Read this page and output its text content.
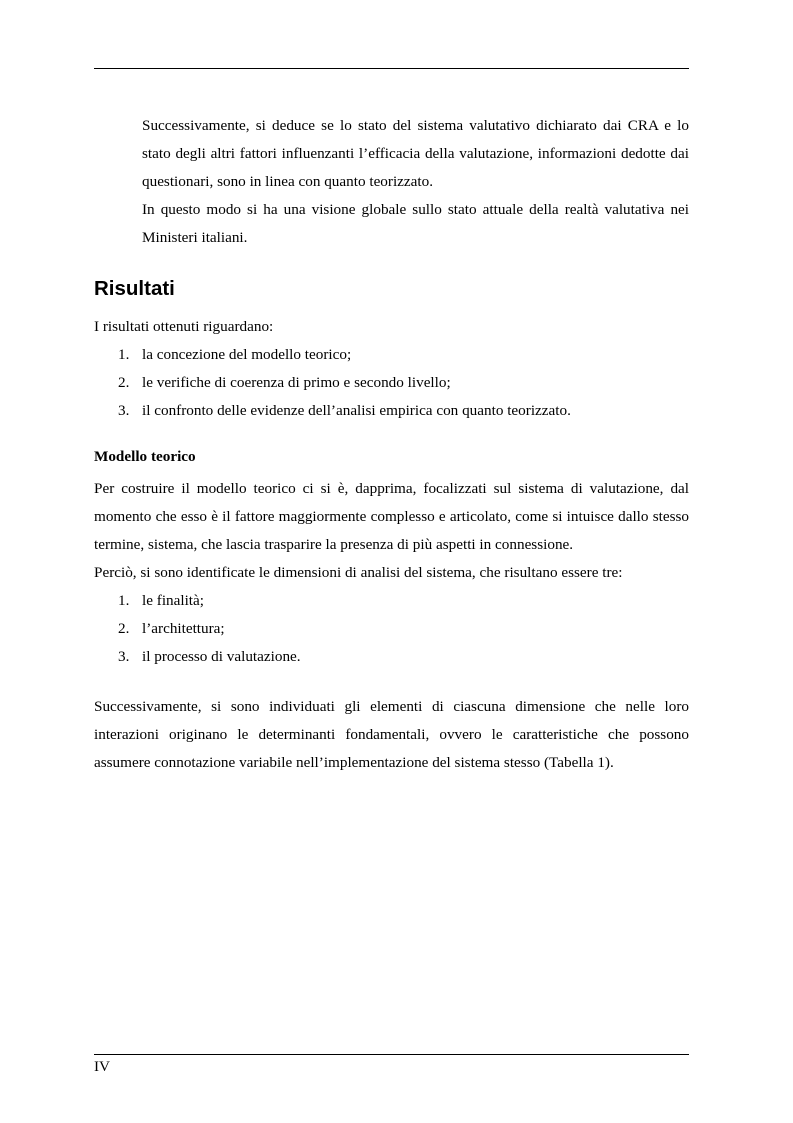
Successivamente, si deduce se lo stato del sistema valutativo dichiarato dai CRA e lo stato degli altri fattori influenzanti l’efficacia della valutazione, informazioni dedotte dai questionari, sono in linea con quanto teorizzato.

In questo modo si ha una visione globale sullo stato attuale della realtà valutativa nei Ministeri italiani.

Risultati

I risultati ottenuti riguardano:

1. la concezione del modello teorico;
2. le verifiche di coerenza di primo e secondo livello;
3. il confronto delle evidenze dell’analisi empirica con quanto teorizzato.
Modello teorico

Per costruire il modello teorico ci si è, dapprima, focalizzati sul sistema di valutazione, dal momento che esso è il fattore maggiormente complesso e articolato, come si intuisce dallo stesso termine, sistema, che lascia trasparire la presenza di più aspetti in connessione.

Perciò, si sono identificate le dimensioni di analisi del sistema, che risultano essere tre:

1. le finalità;
2. l’architettura;
3. il processo di valutazione.

Successivamente, si sono individuati gli elementi di ciascuna dimensione che nelle loro interazioni originano le determinanti fondamentali, ovvero le caratteristiche che possono assumere connotazione variabile nell’implementazione del sistema stesso (Tabella 1).

IV
